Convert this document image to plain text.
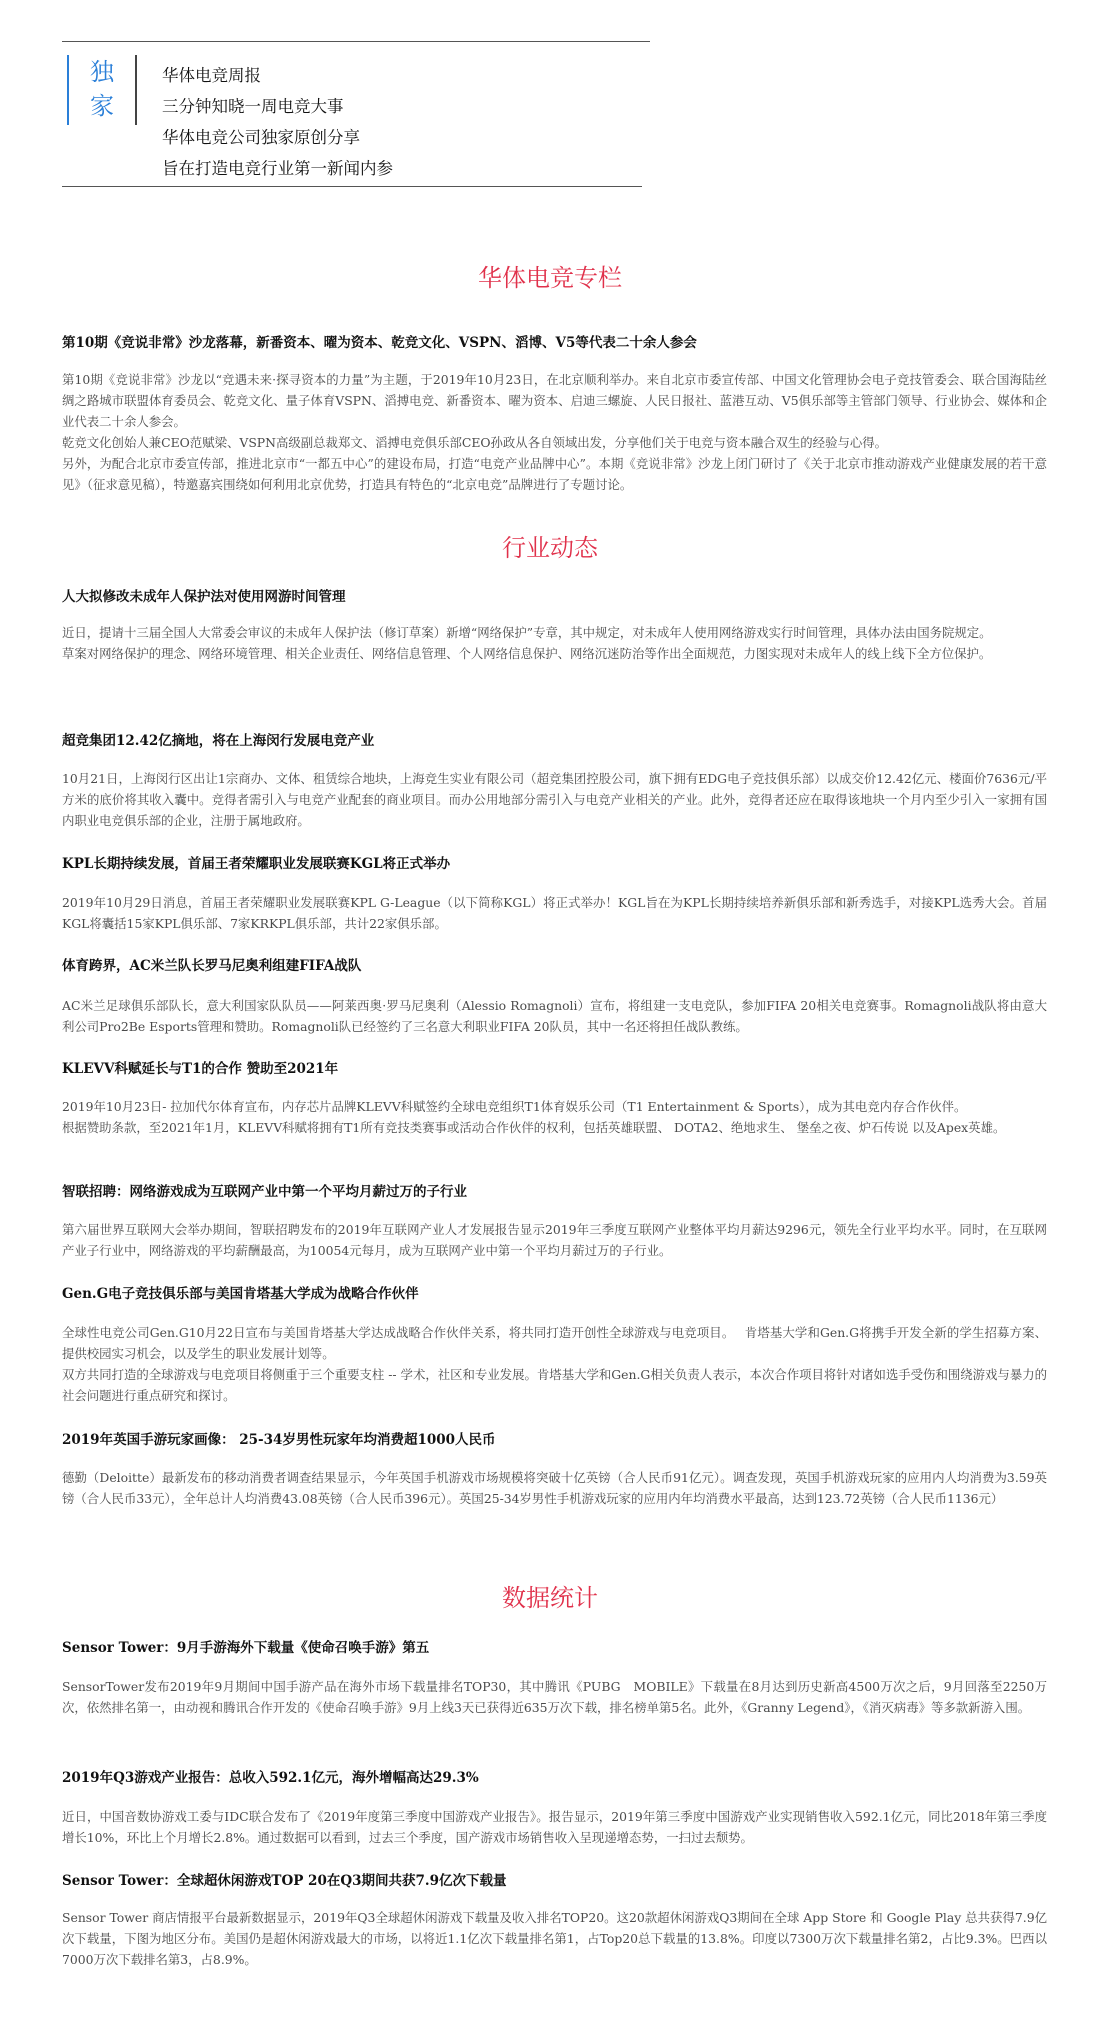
独
家
华体电竞周报
三分钟知晓一周电竞大事
华体电竞公司独家原创分享
旨在打造电竞行业第一新闻内参
华体电竞专栏
第10期《竞说非常》沙龙落幕，新番资本、曜为资本、乾竞文化、VSPN、滔博、V5等代表二十余人参会

第10期《竞说非常》沙龙以“竞遇未来·探寻资本的力量”为主题，于2019年10月23日，在北京顺利举办。来自北京市委宣传部、中国文化管理协会电子竞技管委会、联合国海陆丝绸之路城市联盟体育委员会、乾竞文化、量子体育VSPN、滔搏电竞、新番资本、曜为资本、启迪三螺旋、人民日报社、蓝港互动、V5俱乐部等主管部门领导、行业协会、媒体和企业代表二十余人参会。

乾竞文化创始人兼CEO范赋梁、VSPN高级副总裁郑文、滔搏电竞俱乐部CEO孙政从各自领域出发，分享他们关于电竞与资本融合双生的经验与心得。

另外，为配合北京市委宣传部，推进北京市“一都五中心”的建设布局，打造“电竞产业品牌中心”。本期《竞说非常》沙龙上闭门研讨了《关于北京市推动游戏产业健康发展的若干意见》（征求意见稿），特邀嘉宾围绕如何利用北京优势，打造具有特色的“北京电竞”品牌进行了专题讨论。

行业动态
人大拟修改未成年人保护法对使用网游时间管理

近日，提请十三届全国人大常委会审议的未成年人保护法（修订草案）新增“网络保护”专章，其中规定，对未成年人使用网络游戏实行时间管理，具体办法由国务院规定。

草案对网络保护的理念、网络环境管理、相关企业责任、网络信息管理、个人网络信息保护、网络沉迷防治等作出全面规范，力图实现对未成年人的线上线下全方位保护。

超竞集团12.42亿摘地，将在上海闵行发展电竞产业

10月21日，上海闵行区出让1宗商办、文体、租赁综合地块，上海竞生实业有限公司（超竞集团控股公司，旗下拥有EDG电子竞技俱乐部）以成交价12.42亿元、楼面价7636元/平方米的底价将其收入囊中。竞得者需引入与电竞产业配套的商业项目。而办公用地部分需引入与电竞产业相关的产业。此外，竞得者还应在取得该地块一个月内至少引入一家拥有国内职业电竞俱乐部的企业，注册于属地政府。

KPL长期持续发展，首届王者荣耀职业发展联赛KGL将正式举办

2019年10月29日消息，首届王者荣耀职业发展联赛KPL G-League（以下简称KGL）将正式举办！KGL旨在为KPL长期持续培养新俱乐部和新秀选手，对接KPL选秀大会。首届KGL将囊括15家KPL俱乐部、7家KRKPL俱乐部，共计22家俱乐部。

体育跨界，AC米兰队长罗马尼奥利组建FIFA战队

AC米兰足球俱乐部队长，意大利国家队队员——阿莱西奥·罗马尼奥利（Alessio Romagnoli）宣布，将组建一支电竞队，参加FIFA 20相关电竞赛事。Romagnoli战队将由意大利公司Pro2Be Esports管理和赞助。Romagnoli队已经签约了三名意大利职业FIFA 20队员，其中一名还将担任战队教练。

KLEVV科赋延长与T1的合作 赞助至2021年

2019年10月23日- 拉加代尔体育宣布，内存芯片品牌KLEVV科赋签约全球电竞组织T1体育娱乐公司（T1 Entertainment & Sports），成为其电竞内存合作伙伴。

根据赞助条款，至2021年1月，KLEVV科赋将拥有T1所有竞技类赛事或活动合作伙伴的权利，包括英雄联盟、 DOTA2、绝地求生、 堡垒之夜、炉石传说 以及Apex英雄。

智联招聘：网络游戏成为互联网产业中第一个平均月薪过万的子行业

第六届世界互联网大会举办期间，智联招聘发布的2019年互联网产业人才发展报告显示2019年三季度互联网产业整体平均月薪达9296元，领先全行业平均水平。同时，在互联网产业子行业中，网络游戏的平均薪酬最高，为10054元每月，成为互联网产业中第一个平均月薪过万的子行业。

Gen.G电子竞技俱乐部与美国肯塔基大学成为战略合作伙伴

全球性电竞公司Gen.G10月22日宣布与美国肯塔基大学达成战略合作伙伴关系，将共同打造开创性全球游戏与电竞项目。　 肯塔基大学和Gen.G将携手开发全新的学生招募方案、提供校园实习机会，以及学生的职业发展计划等。

双方共同打造的全球游戏与电竞项目将侧重于三个重要支柱 -- 学术，社区和专业发展。肯塔基大学和Gen.G相关负责人表示，本次合作项目将针对诸如选手受伤和围绕游戏与暴力的社会问题进行重点研究和探讨。

2019年英国手游玩家画像： 25-34岁男性玩家年均消费超1000人民币

德勤（Deloitte）最新发布的移动消费者调查结果显示，今年英国手机游戏市场规模将突破十亿英镑（合人民币91亿元）。调查发现，英国手机游戏玩家的应用内人均消费为3.59英镑（合人民币33元），全年总计人均消费43.08英镑（合人民币396元）。英国25-34岁男性手机游戏玩家的应用内年均消费水平最高，达到123.72英镑（合人民币1136元）

数据统计
Sensor Tower：9月手游海外下载量《使命召唤手游》第五

SensorTower发布2019年9月期间中国手游产品在海外市场下载量排名TOP30，其中腾讯《PUBG　MOBILE》下载量在8月达到历史新高4500万次之后，9月回落至2250万次，依然排名第一，由动视和腾讯合作开发的《使命召唤手游》9月上线3天已获得近635万次下载，排名榜单第5名。此外，《Granny Legend》，《消灭病毒》等多款新游入围。

2019年Q3游戏产业报告：总收入592.1亿元，海外增幅高达29.3%

近日，中国音数协游戏工委与IDC联合发布了《2019年度第三季度中国游戏产业报告》。报告显示，2019年第三季度中国游戏产业实现销售收入592.1亿元，同比2018年第三季度增长10%，环比上个月增长2.8%。通过数据可以看到，过去三个季度，国产游戏市场销售收入呈现递增态势，一扫过去颓势。

Sensor Tower：全球超休闲游戏TOP 20在Q3期间共获7.9亿次下载量

Sensor Tower 商店情报平台最新数据显示，2019年Q3全球超休闲游戏下载量及收入排名TOP20。这20款超休闲游戏Q3期间在全球 App Store 和 Google Play 总共获得7.9亿次下载量，下图为地区分布。美国仍是超休闲游戏最大的市场，以将近1.1亿次下载量排名第1，占Top20总下载量的13.8%。印度以7300万次下载量排名第2，占比9.3%。巴西以7000万次下载排名第3，占8.9%。
